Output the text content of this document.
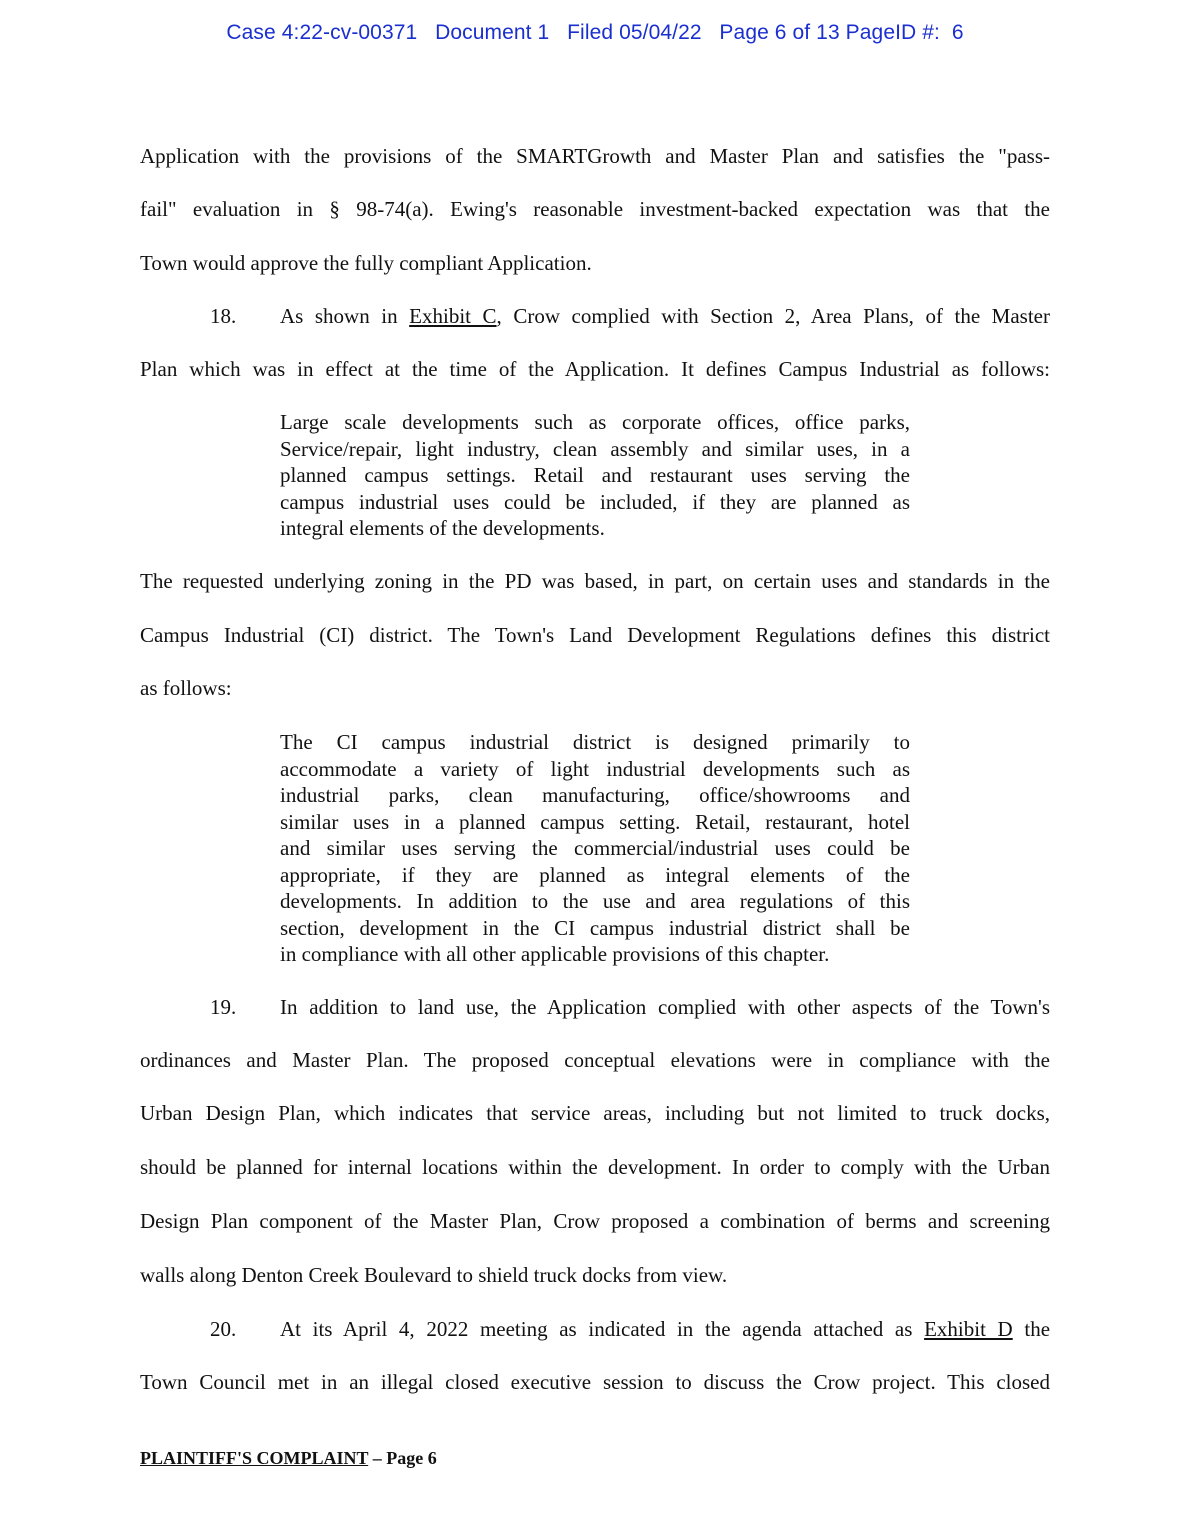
Case 4:22-cv-00371   Document 1   Filed 05/04/22   Page 6 of 13 PageID #:  6
Application with the provisions of the SMARTGrowth and Master Plan and satisfies the "pass-
fail" evaluation in § 98-74(a). Ewing's reasonable investment-backed expectation was that the
Town would approve the fully compliant Application.
18. As shown in Exhibit C, Crow complied with Section 2, Area Plans, of the Master
Plan which was in effect at the time of the Application. It defines Campus Industrial as follows:
Large scale developments such as corporate offices, office parks,
Service/repair, light industry, clean assembly and similar uses, in a
planned campus settings. Retail and restaurant uses serving the
campus industrial uses could be included, if they are planned as
integral elements of the developments.
The requested underlying zoning in the PD was based, in part, on certain uses and standards in the
Campus Industrial (CI) district. The Town's Land Development Regulations defines this district
as follows:
The CI campus industrial district is designed primarily to
accommodate a variety of light industrial developments such as
industrial parks, clean manufacturing, office/showrooms and
similar uses in a planned campus setting. Retail, restaurant, hotel
and similar uses serving the commercial/industrial uses could be
appropriate, if they are planned as integral elements of the
developments. In addition to the use and area regulations of this
section, development in the CI campus industrial district shall be
in compliance with all other applicable provisions of this chapter.
19. In addition to land use, the Application complied with other aspects of the Town's
ordinances and Master Plan. The proposed conceptual elevations were in compliance with the
Urban Design Plan, which indicates that service areas, including but not limited to truck docks,
should be planned for internal locations within the development. In order to comply with the Urban
Design Plan component of the Master Plan, Crow proposed a combination of berms and screening
walls along Denton Creek Boulevard to shield truck docks from view.
20. At its April 4, 2022 meeting as indicated in the agenda attached as Exhibit D the
Town Council met in an illegal closed executive session to discuss the Crow project. This closed
PLAINTIFF'S COMPLAINT – Page 6
